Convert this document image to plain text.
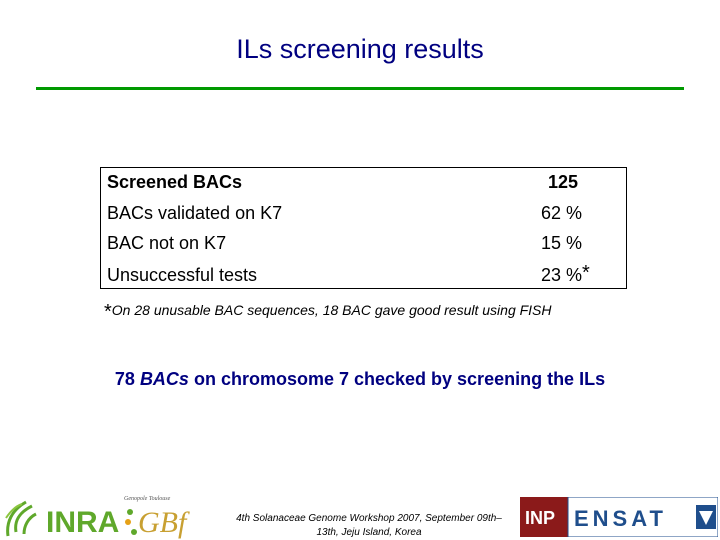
ILs screening results
Screened BACs	125
BACs validated on K7	62 %
BAC not on K7	15 %
Unsuccessful tests	23 %*
*On 28 unusable BAC sequences, 18 BAC gave good result using FISH
78 BACs on chromosome 7 checked by screening the ILs
INRA
Genopole Toulouse
GBf	4th Solanaceae Genome Workshop 2007, September 09th–
13th, Jeju Island, Korea
INP ENSAT
